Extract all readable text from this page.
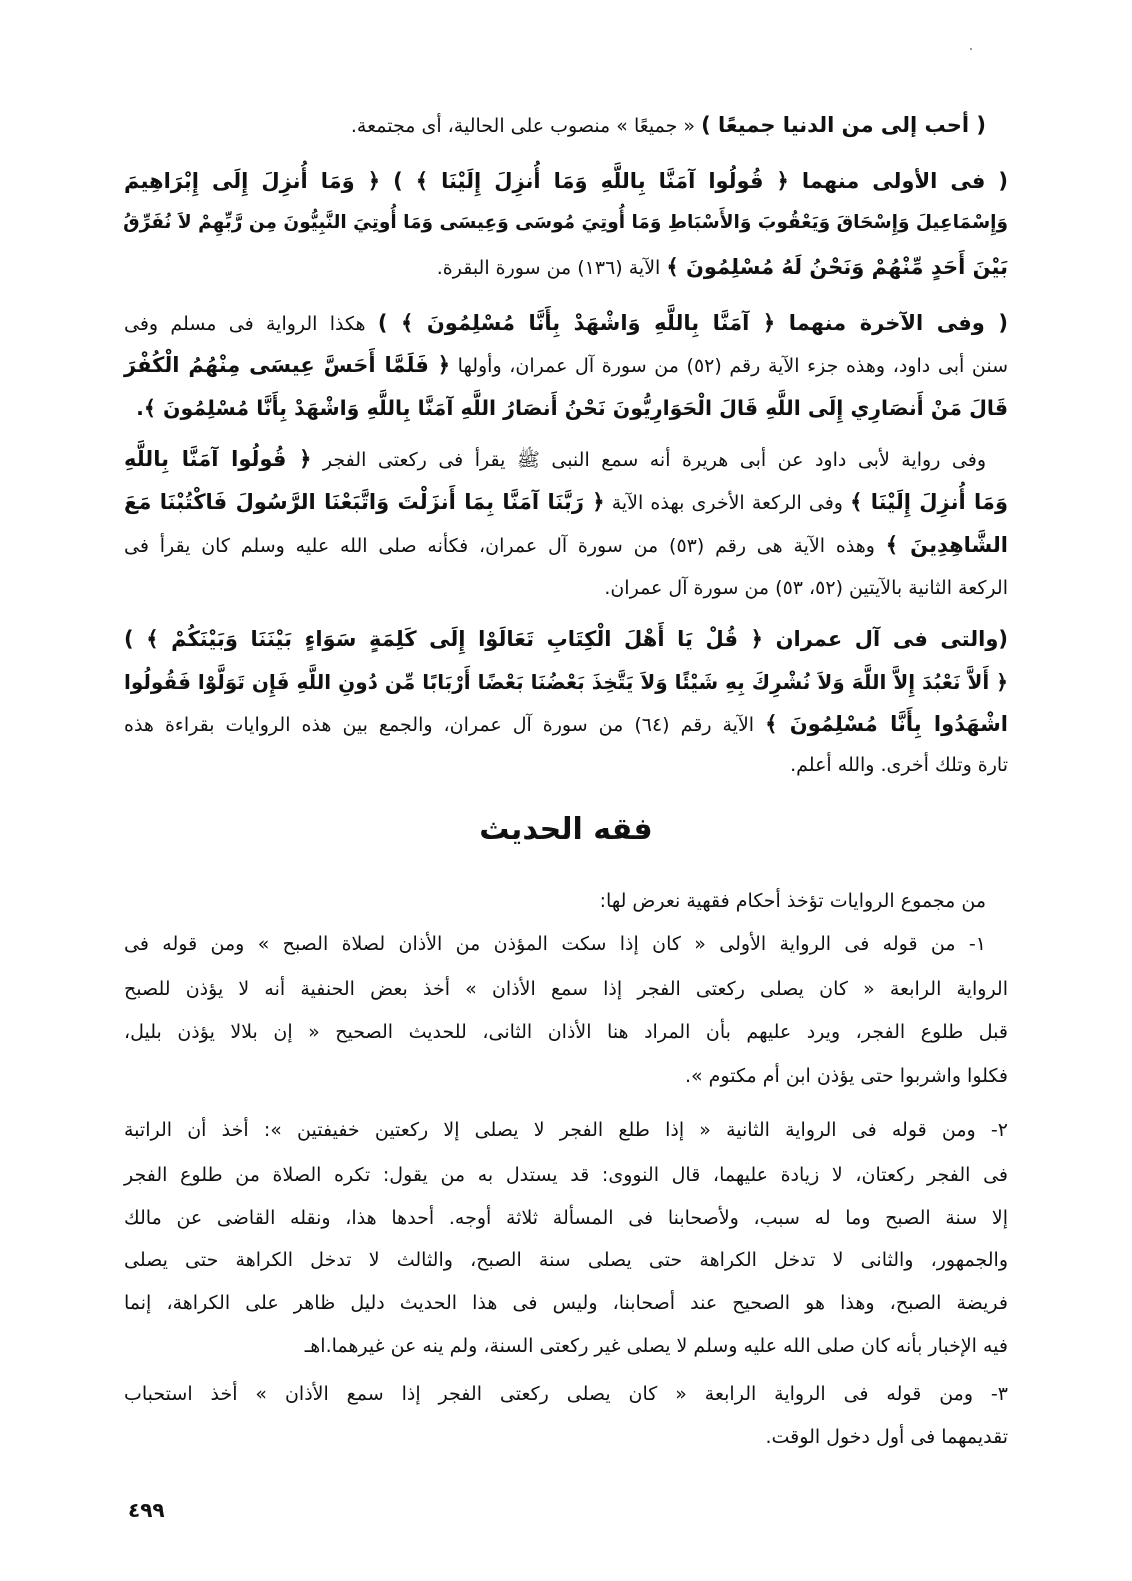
( أحب إلى من الدنيا جميعًا ) « جميعًا » منصوب على الحالية، أى مجتمعة.
( فى الأولى منهما ﴿ قُولُوا آمَنَّا بِاللَّهِ وَمَا أُنزِلَ إِلَيْنَا ﴾ ) ﴿ وَمَا أُنزِلَ إِلَى إِبْرَاهِيمَ
وَإِسْمَاعِيلَ وَإِسْحَاقَ وَيَعْقُوبَ وَالأَسْبَاطِ وَمَا أُوتِيَ مُوسَى وَعِيسَى وَمَا أُوتِيَ النَّبِيُّونَ مِن رَّبِّهِمْ لاَ نُفَرِّقُ
بَيْنَ أَحَدٍ مِّنْهُمْ وَنَحْنُ لَهُ مُسْلِمُونَ ﴾ الآية (١٣٦) من سورة البقرة.
( وفى الآخرة منهما ﴿ آمَنَّا بِاللَّهِ وَاشْهَدْ بِأَنَّا مُسْلِمُونَ ﴾ ) هكذا الرواية فى مسلم وفى
سنن أبى داود، وهذه جزء الآية رقم (٥٢) من سورة آل عمران، وأولها ﴿ فَلَمَّا أَحَسَّ عِيسَى مِنْهُمُ الْكُفْرَ
قَالَ مَنْ أَنصَارِي إِلَى اللَّهِ قَالَ الْحَوَارِيُّونَ نَحْنُ أَنصَارُ اللَّهِ آمَنَّا بِاللَّهِ وَاشْهَدْ بِأَنَّا مُسْلِمُونَ ﴾.
وفى رواية لأبى داود عن أبى هريرة أنه سمع النبى ﷺ يقرأ فى ركعتى الفجر ﴿ قُولُوا آمَنَّا بِاللَّهِ
وَمَا أُنزِلَ إِلَيْنَا ﴾ وفى الركعة الأخرى بهذه الآية ﴿ رَبَّنَا آمَنَّا بِمَا أَنزَلْتَ وَاتَّبَعْنَا الرَّسُولَ فَاكْتُبْنَا مَعَ
الشَّاهِدِينَ ﴾ وهذه الآية هى رقم (٥٣) من سورة آل عمران، فكأنه صلى الله عليه وسلم كان يقرأ فى
الركعة الثانية بالآيتين (٥٢، ٥٣) من سورة آل عمران.
(والتى فى آل عمران ﴿ قُلْ يَا أَهْلَ الْكِتَابِ تَعَالَوْا إِلَى كَلِمَةٍ سَوَاءٍ بَيْنَنَا وَبَيْنَكُمْ ﴾ )
﴿ أَلاَّ نَعْبُدَ إِلاَّ اللَّهَ وَلاَ نُشْرِكَ بِهِ شَيْئًا وَلاَ يَتَّخِذَ بَعْضُنَا بَعْضًا أَرْبَابًا مِّن دُونِ اللَّهِ فَإِن تَوَلَّوْا فَقُولُوا
اشْهَدُوا بِأَنَّا مُسْلِمُونَ ﴾ الآية رقم (٦٤) من سورة آل عمران، والجمع بين هذه الروايات بقراءة هذه
تارة وتلك أخرى. والله أعلم.
من مجموع الروايات تؤخذ أحكام فقهية نعرض لها:
١- من قوله فى الرواية الأولى « كان إذا سكت المؤذن من الأذان لصلاة الصبح » ومن قوله فى
الرواية الرابعة « كان يصلى ركعتى الفجر إذا سمع الأذان » أخذ بعض الحنفية أنه لا يؤذن للصبح
قبل طلوع الفجر، ويرد عليهم بأن المراد هنا الأذان الثانى، للحديث الصحيح « إن بلالا يؤذن بليل،
فكلوا واشربوا حتى يؤذن ابن أم مكتوم ».
٢- ومن قوله فى الرواية الثانية « إذا طلع الفجر لا يصلى إلا ركعتين خفيفتين »: أخذ أن الراتبة
فى الفجر ركعتان، لا زيادة عليهما، قال النووى: قد يستدل به من يقول: تكره الصلاة من طلوع الفجر
إلا سنة الصبح وما له سبب، ولأصحابنا فى المسألة ثلاثة أوجه. أحدها هذا، ونقله القاضى عن مالك
والجمهور، والثانى لا تدخل الكراهة حتى يصلى سنة الصبح، والثالث لا تدخل الكراهة حتى يصلى
فريضة الصبح، وهذا هو الصحيح عند أصحابنا، وليس فى هذا الحديث دليل ظاهر على الكراهة، إنما
فيه الإخبار بأنه كان صلى الله عليه وسلم لا يصلى غير ركعتى السنة، ولم ينه عن غيرهما.اهـ
٣- ومن قوله فى الرواية الرابعة « كان يصلى ركعتى الفجر إذا سمع الأذان » أخذ استحباب
تقديمهما فى أول دخول الوقت.
فقه الحديث
٤٩٩
